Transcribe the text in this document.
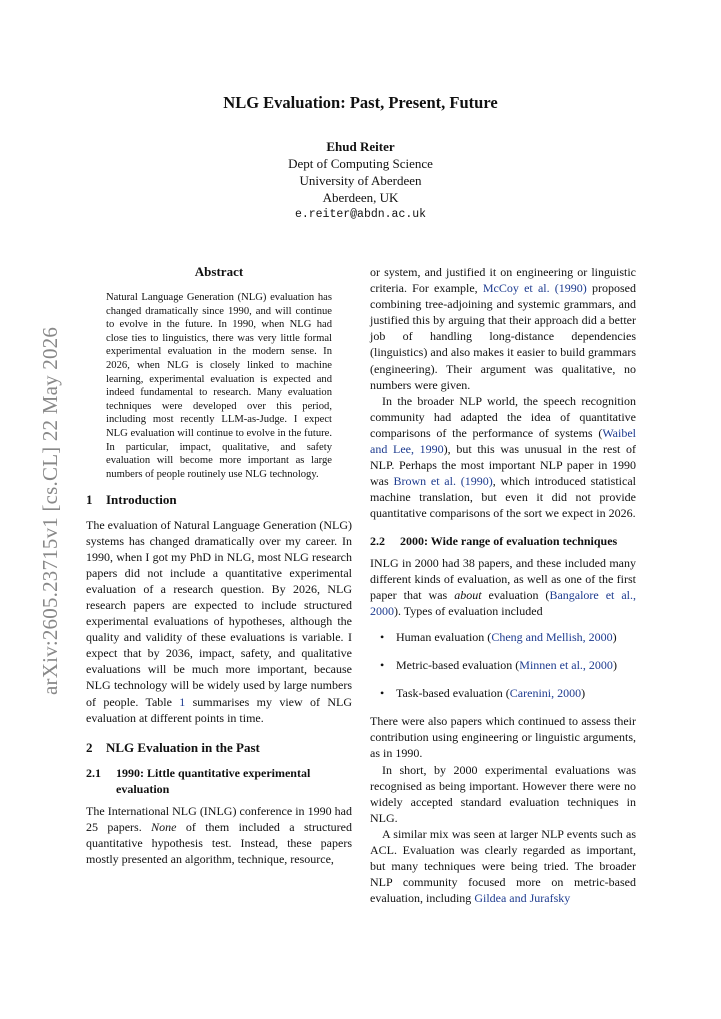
arXiv:2605.23715v1 [cs.CL] 22 May 2026
NLG Evaluation: Past, Present, Future
Ehud Reiter
Dept of Computing Science
University of Aberdeen
Aberdeen, UK
e.reiter@abdn.ac.uk
Abstract

Natural Language Generation (NLG) evaluation has changed dramatically since 1990, and will continue to evolve in the future. In 1990, when NLG had close ties to linguistics, there was very little formal experimental evaluation in the modern sense. In 2026, when NLG is closely linked to machine learning, experimental evaluation is expected and indeed fundamental to research. Many evaluation techniques were developed over this period, including most recently LLM-as-Judge. I expect NLG evaluation will continue to evolve in the future. In particular, impact, qualitative, and safety evaluation will become more important as large numbers of people routinely use NLG technology.

1	Introduction

The evaluation of Natural Language Generation (NLG) systems has changed dramatically over my career. In 1990, when I got my PhD in NLG, most NLG research papers did not include a quantitative experimental evaluation of a research question. By 2026, NLG research papers are expected to include structured experimental evaluations of hypotheses, although the quality and validity of these evaluations is variable. I expect that by 2036, impact, safety, and qualitative evaluations will be much more important, because NLG technology will be widely used by large numbers of people. Table 1 summarises my view of NLG evaluation at different points in time.

2	NLG Evaluation in the Past
2.1	1990: Little quantitative experimental evaluation

The International NLG (INLG) conference in 1990 had 25 papers. None of them included a structured quantitative hypothesis test. Instead, these papers mostly presented an algorithm, technique, resource,

or system, and justified it on engineering or linguistic criteria. For example, McCoy et al. (1990) proposed combining tree-adjoining and systemic grammars, and justified this by arguing that their approach did a better job of handling long-distance dependencies (linguistics) and also makes it easier to build grammars (engineering). Their argument was qualitative, no numbers were given.

In the broader NLP world, the speech recognition community had adapted the idea of quantitative comparisons of the performance of systems (Waibel and Lee, 1990), but this was unusual in the rest of NLP. Perhaps the most important NLP paper in 1990 was Brown et al. (1990), which introduced statistical machine translation, but even it did not provide quantitative comparisons of the sort we expect in 2026.

2.2	2000: Wide range of evaluation techniques

INLG in 2000 had 38 papers, and these included many different kinds of evaluation, as well as one of the first paper that was about evaluation (Bangalore et al., 2000). Types of evaluation included

• Human evaluation (Cheng and Mellish, 2000)
• Metric-based evaluation (Minnen et al., 2000)
• Task-based evaluation (Carenini, 2000)

There were also papers which continued to assess their contribution using engineering or linguistic arguments, as in 1990.

In short, by 2000 experimental evaluations was recognised as being important. However there were no widely accepted standard evaluation techniques in NLG.

A similar mix was seen at larger NLP events such as ACL. Evaluation was clearly regarded as important, but many techniques were being tried. The broader NLP community focused more on metric-based evaluation, including Gildea and Jurafsky
